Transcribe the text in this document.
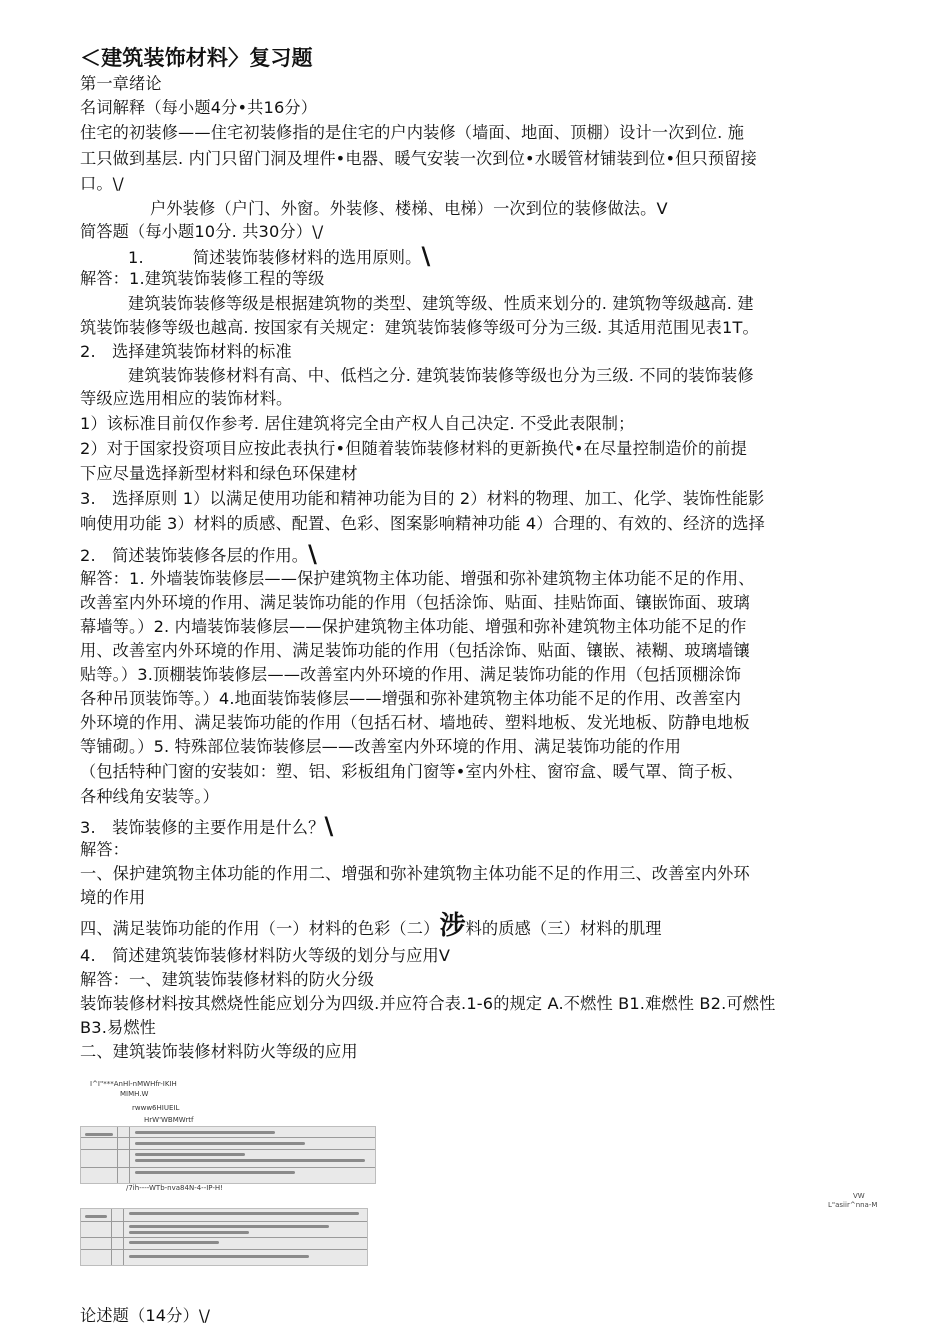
＜建筑装饰材料〉复习题
第一章绪论
名词解释（每小题4分•共16分）
住宅的初装修——住宅初装修指的是住宅的户内装修（墙面、地面、顶棚）设计一次到位. 施
工只做到基层. 内门只留门洞及埋件•电器、暖气安装一次到位•水暖管材铺装到位•但只预留接
口。\/
户外装修（户门、外窗。外装修、楼梯、电梯）一次到位的装修做法。V
简答题（每小题10分. 共30分）\/
1.　　　简述装饰装修材料的选用原则。\
解答：1.建筑装饰装修工程的等级
建筑装饰装修等级是根据建筑物的类型、建筑等级、性质来划分的. 建筑物等级越高. 建
筑装饰装修等级也越高. 按国家有关规定：建筑装饰装修等级可分为三级. 其适用范围见表1T。
2.　选择建筑装饰材料的标准
建筑装饰装修材料有高、中、低档之分. 建筑装饰装修等级也分为三级. 不同的装饰装修
等级应选用相应的装饰材料。
1）该标准目前仅作参考. 居住建筑将完全由产权人自己决定. 不受此表限制；
2）对于国家投资项目应按此表执行•但随着装饰装修材料的更新换代•在尽量控制造价的前提
下应尽量选择新型材料和绿色环保建材
3.　选择原则 1）以满足使用功能和精神功能为目的 2）材料的物理、加工、化学、装饰性能影
响使用功能 3）材料的质感、配置、色彩、图案影响精神功能 4）合理的、有效的、经济的选择
2.　简述装饰装修各层的作用。\
解答：1. 外墙装饰装修层——保护建筑物主体功能、增强和弥补建筑物主体功能不足的作用、
改善室内外环境的作用、满足装饰功能的作用（包括涂饰、贴面、挂贴饰面、镶嵌饰面、玻璃
幕墙等。）2. 内墙装饰装修层——保护建筑物主体功能、增强和弥补建筑物主体功能不足的作
用、改善室内外环境的作用、满足装饰功能的作用（包括涂饰、贴面、镶嵌、裱糊、玻璃墙镶
贴等。）3.顶棚装饰装修层——改善室内外环境的作用、满足装饰功能的作用（包括顶棚涂饰
各种吊顶装饰等。）4.地面装饰装修层——增强和弥补建筑物主体功能不足的作用、改善室内
外环境的作用、满足装饰功能的作用（包括石材、墙地砖、塑料地板、发光地板、防静电地板
等铺砌。）5. 特殊部位装饰装修层——改善室内外环境的作用、满足装饰功能的作用
（包括特种门窗的安装如：塑、铝、彩板组角门窗等•室内外柱、窗帘盒、暖气罩、筒子板、
各种线角安装等。）
3.　装饰装修的主要作用是什么？\
解答：
一、保护建筑物主体功能的作用二、增强和弥补建筑物主体功能不足的作用三、改善室内外环
境的作用
四、满足装饰功能的作用（一）材料的色彩（二）涉料的质感（三）材料的肌理
4.　简述建筑装饰装修材料防火等级的划分与应用V
解答：一、建筑装饰装修材料的防火分级
装饰装修材料按其燃烧性能应划分为四级.并应符合表.1-6的规定 A.不燃性 B1.难燃性 B2.可燃性
B3.易燃性
二、建筑装饰装修材料防火等级的应用
I^I"***AnHl-nMWHfr-IKIH
MIMH.W
rwww6HIUEIL
HrW'WBMWrtf
/7ih----WTb-nva84N-4--IP-H!
VW
L"asiir^nna-M
论述题（14分）\/
